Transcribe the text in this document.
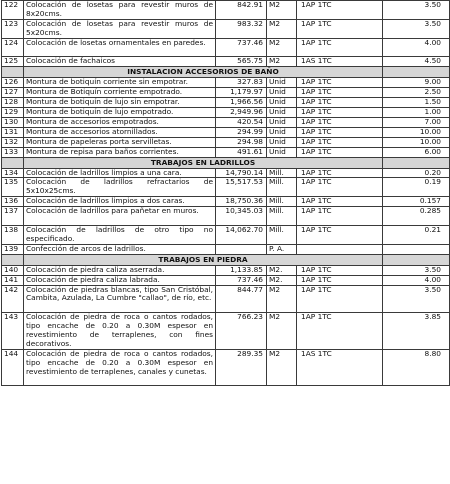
122	Colocación de losetas para revestir muros de 8x20cms.	842.91	M2	1AP 1TC	3.50
123	Colocación de losetas para revestir muros de 5x20cms.	983.32	M2	1AP 1TC	3.50
124	Colocación de losetas ornamentales en paredes.	737.46	M2	1AP 1TC	4.00
125	Colocación de fachaicos	565.75	M2	1AS 1TC	4.50
	INSTALACION ACCESORIOS DE BAÑO				
126	Montura de botiquín corriente sin empotrar.	327.83	Unid	1AP 1TC	9.00
127	Montura de Botiquín corriente empotrado.	1,179.97	Unid	1AP 1TC	2.50
128	Montura de botiquín de lujo sin empotrar.	1,966.56	Unid	1AP 1TC	1.50
129	Montura de botiquín de lujo empotrado.	2,949.96	Unid	1AP 1TC	1.00
130	Montura de accesorios empotrados.	420.54	Unid	1AP 1TC	7.00
131	Montura de accesorios atornillados.	294.99	Unid	1AP 1TC	10.00
132	Montura de papeleras porta servilletas.	294.98	Unid	1AP 1TC	10.00
133	Montura de repisa para baños corrientes.	491.61	Unid	1AP 1TC	6.00
	TRABAJOS EN LADRILLOS				
134	Colocación de ladrillos limpios a una cara.	14,790.14	Mill.	1AP 1TC	0.20
135	Colocación de ladrillos refractarios de 5x10x25cms.	15,517.53	Mill.	1AP 1TC	0.19
136	Colocación de ladrillos limpios a dos caras.	18,750.36	Mill.	1AP 1TC	0.157
137	Colocación de ladrillos para pañetar en muros.	10,345.03	Mill.	1AP 1TC	0.285
138	Colocación de ladrillos de otro tipo no especificado.	14,062.70	Mill.	1AP 1TC	0.21
139	Confección de arcos de ladrillos.		P. A.		
	TRABAJOS EN PIEDRA				
140	Colocación de piedra caliza aserrada.	1,133.85	M2.	1AP 1TC	3.50
141	Colocación de piedra caliza labrada.	737.46	M2.	1AP 1TC	4.00
142	Colocación de piedras blancas, tipo San Cristóbal, Cambita, Azulada, La Cumbre "callao", de río, etc.	844.77	M2	1AP 1TC	3.50
143	Colocación de piedra de roca o cantos rodados, tipo encache de 0.20 a 0.30M espesor en revestimiento de terraplenes, con fines decorativos.	766.23	M2	1AP 1TC	3.85
144	Colocación de piedra de roca o cantos rodados, tipo encache de 0.20 a 0.30M espesor en revestimiento de terraplenes, canales y cunetas.	289.35	M2	1AS 1TC	8.80
